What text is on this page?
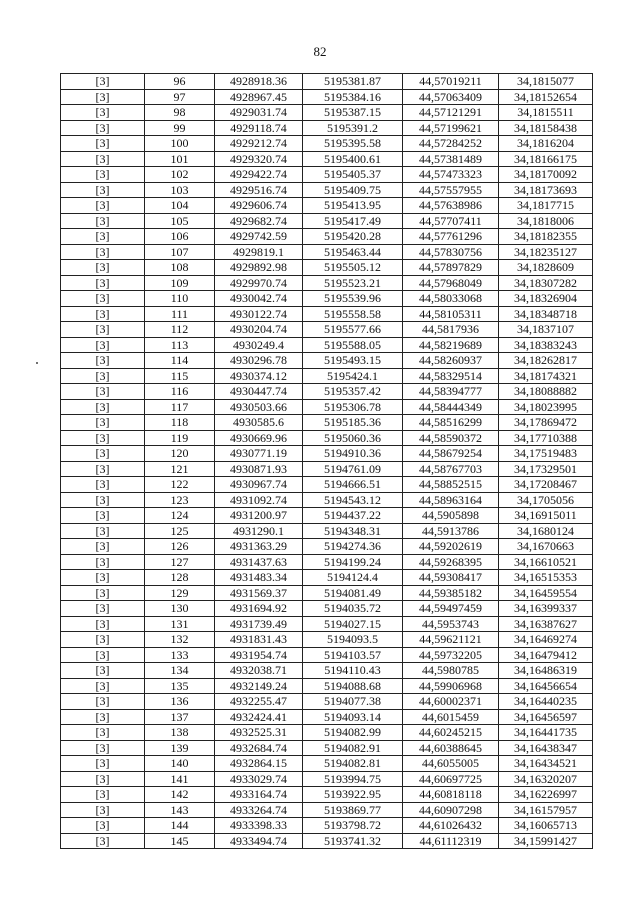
82
[3]	96	4928918.36	5195381.87	44,57019211	34,1815077
[3]	97	4928967.45	5195384.16	44,57063409	34,18152654
[3]	98	4929031.74	5195387.15	44,57121291	34,1815511
[3]	99	4929118.74	5195391.2	44,57199621	34,18158438
[3]	100	4929212.74	5195395.58	44,57284252	34,1816204
[3]	101	4929320.74	5195400.61	44,57381489	34,18166175
[3]	102	4929422.74	5195405.37	44,57473323	34,18170092
[3]	103	4929516.74	5195409.75	44,57557955	34,18173693
[3]	104	4929606.74	5195413.95	44,57638986	34,1817715
[3]	105	4929682.74	5195417.49	44,57707411	34,1818006
[3]	106	4929742.59	5195420.28	44,57761296	34,18182355
[3]	107	4929819.1	5195463.44	44,57830756	34,18235127
[3]	108	4929892.98	5195505.12	44,57897829	34,1828609
[3]	109	4929970.74	5195523.21	44,57968049	34,18307282
[3]	110	4930042.74	5195539.96	44,58033068	34,18326904
[3]	111	4930122.74	5195558.58	44,58105311	34,18348718
[3]	112	4930204.74	5195577.66	44,5817936	34,1837107
[3]	113	4930249.4	5195588.05	44,58219689	34,18383243
[3]	114	4930296.78	5195493.15	44,58260937	34,18262817
[3]	115	4930374.12	5195424.1	44,58329514	34,18174321
[3]	116	4930447.74	5195357.42	44,58394777	34,18088882
[3]	117	4930503.66	5195306.78	44,58444349	34,18023995
[3]	118	4930585.6	5195185.36	44,58516299	34,17869472
[3]	119	4930669.96	5195060.36	44,58590372	34,17710388
[3]	120	4930771.19	5194910.36	44,58679254	34,17519483
[3]	121	4930871.93	5194761.09	44,58767703	34,17329501
[3]	122	4930967.74	5194666.51	44,58852515	34,17208467
[3]	123	4931092.74	5194543.12	44,58963164	34,1705056
[3]	124	4931200.97	5194437.22	44,5905898	34,16915011
[3]	125	4931290.1	5194348.31	44,5913786	34,1680124
[3]	126	4931363.29	5194274.36	44,59202619	34,1670663
[3]	127	4931437.63	5194199.24	44,59268395	34,16610521
[3]	128	4931483.34	5194124.4	44,59308417	34,16515353
[3]	129	4931569.37	5194081.49	44,59385182	34,16459554
[3]	130	4931694.92	5194035.72	44,59497459	34,16399337
[3]	131	4931739.49	5194027.15	44,5953743	34,16387627
[3]	132	4931831.43	5194093.5	44,59621121	34,16469274
[3]	133	4931954.74	5194103.57	44,59732205	34,16479412
[3]	134	4932038.71	5194110.43	44,5980785	34,16486319
[3]	135	4932149.24	5194088.68	44,59906968	34,16456654
[3]	136	4932255.47	5194077.38	44,60002371	34,16440235
[3]	137	4932424.41	5194093.14	44,6015459	34,16456597
[3]	138	4932525.31	5194082.99	44,60245215	34,16441735
[3]	139	4932684.74	5194082.91	44,60388645	34,16438347
[3]	140	4932864.15	5194082.81	44,6055005	34,16434521
[3]	141	4933029.74	5193994.75	44,60697725	34,16320207
[3]	142	4933164.74	5193922.95	44,60818118	34,16226997
[3]	143	4933264.74	5193869.77	44,60907298	34,16157957
[3]	144	4933398.33	5193798.72	44,61026432	34,16065713
[3]	145	4933494.74	5193741.32	44,61112319	34,15991427
